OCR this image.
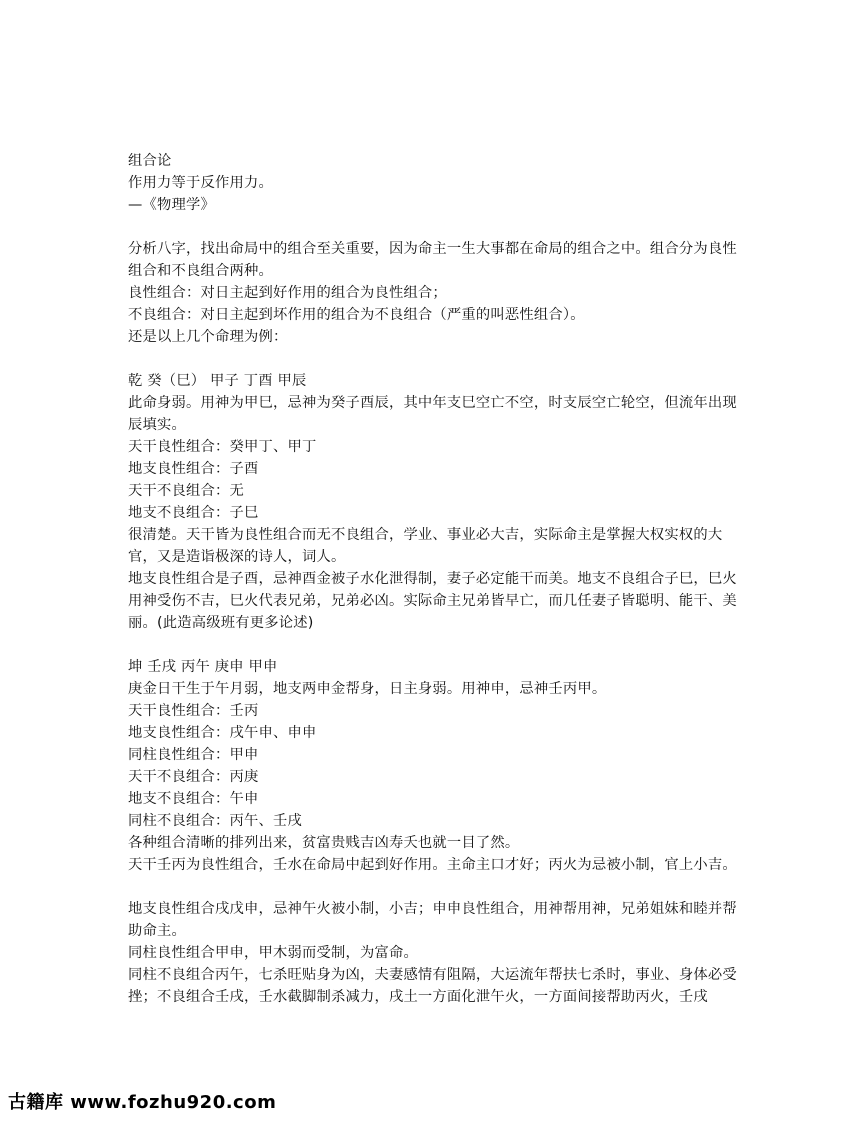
组合论
作用力等于反作用力。
—《物理学》
分析八字，找出命局中的组合至关重要，因为命主一生大事都在命局的组合之中。组合分为良性组合和不良组合两种。
良性组合：对日主起到好作用的组合为良性组合；
不良组合：对日主起到坏作用的组合为不良组合（严重的叫恶性组合）。
还是以上几个命理为例：
乾 癸（巳） 甲子 丁酉 甲辰
此命身弱。用神为甲巳，忌神为癸子酉辰，其中年支巳空亡不空，时支辰空亡轮空，但流年出现辰填实。
天干良性组合：癸甲丁、甲丁
地支良性组合：子酉
天干不良组合：无
地支不良组合：子巳
很清楚。天干皆为良性组合而无不良组合，学业、事业必大吉，实际命主是掌握大权实权的大官，又是造诣极深的诗人，词人。
地支良性组合是子酉，忌神酉金被子水化泄得制，妻子必定能干而美。地支不良组合子巳，巳火用神受伤不吉，巳火代表兄弟，兄弟必凶。实际命主兄弟皆早亡，而几任妻子皆聪明、能干、美丽。(此造高级班有更多论述)
坤 壬戌 丙午 庚申 甲申
庚金日干生于午月弱，地支两申金帮身，日主身弱。用神申，忌神壬丙甲。
天干良性组合：壬丙
地支良性组合：戌午申、申申
同柱良性组合：甲申
天干不良组合：丙庚
地支不良组合：午申
同柱不良组合：丙午、壬戌
各种组合清晰的排列出来，贫富贵贱吉凶寿夭也就一目了然。
天干壬丙为良性组合，壬水在命局中起到好作用。主命主口才好；丙火为忌被小制，官上小吉。
地支良性组合戌戊申，忌神午火被小制，小吉；申申良性组合，用神帮用神，兄弟姐妹和睦并帮助命主。
同柱良性组合甲申，甲木弱而受制，为富命。
同柱不良组合丙午，七杀旺贴身为凶，夫妻感情有阻隔，大运流年帮扶七杀时，事业、身体必受挫；不良组合壬戌，壬水截脚制杀减力，戌土一方面化泄午火，一方面间接帮助丙火，壬戌
古籍库 www.fozhu920.com
